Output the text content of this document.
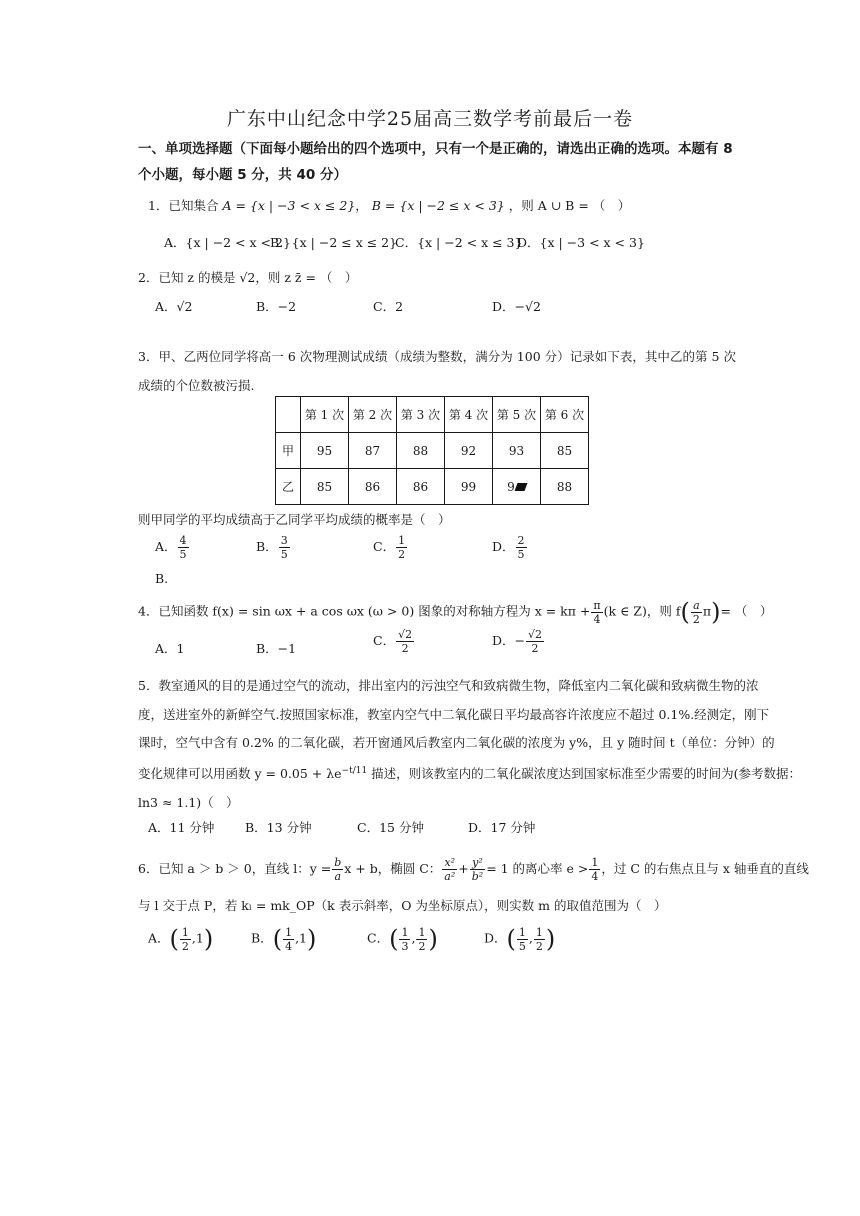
广东中山纪念中学25届高三数学考前最后一卷
一、单项选择题（下面每小题给出的四个选项中，只有一个是正确的，请选出正确的选项。本题有 8 个小题，每小题 5 分，共 40 分）
1．已知集合 A = {x | −3 < x ≤ 2}， B = {x | −2 ≤ x < 3} ，则 A ∪ B = （　）
A．{x | −2 < x < 2}
B．{x | −2 ≤ x ≤ 2}
C．{x | −2 < x ≤ 3}
D．{x | −3 < x < 3}
2．已知 z 的模是 √2，则 z z̄ = （　）
A．√2	B．−2	C．2	D．−√2
3．甲、乙两位同学将高一 6 次物理测试成绩（成绩为整数，满分为 100 分）记录如下表，其中乙的第 5 次成绩的个位数被污损.
	第 1 次	第 2 次	第 3 次	第 4 次	第 5 次	第 6 次
甲	95	87	88	92	93	85
乙	85	86	86	99	9	88
则甲同学的平均成绩高于乙同学平均成绩的概率是（　）
A． $\frac{4}{5}$	B． $\frac{3}{5}$	C． $\frac{1}{2}$	D． $\frac{2}{5}$
B.
4．已知函数 f(x) = sin ωx + a cos ωx (ω > 0) 图象的对称轴方程为 $x = k\pi + \frac{\pi}{4} (k$ ∈ Z)，则 $f( \frac{a}{2} \pi)=$ （　）
A．1	B．−1
C． $\frac{√2}{2}$	D．− $\frac{√2}{2}$
5．教室通风的目的是通过空气的流动，排出室内的污浊空气和致病微生物，降低室内二氧化碳和致病微生物的浓
度，送进室外的新鲜空气.按照国家标准，教室内空气中二氧化碳日平均最高容许浓度应不超过 0.1%.经测定，刚下
课时，空气中含有 0.2% 的二氧化碳，若开窗通风后教室内二氧化碳的浓度为 y%，且 y 随时间 t（单位：分钟）的
变化规律可以用函数 $y = 0.05 + \lambda e^{-t/11}$ 描述，则该教室内的二氧化碳浓度达到国家标准至少需要的时间为(参考数据：
ln3 ≈ 1.1)（　）
A．11 分钟 B．13 分钟	C．15 分钟	D．17 分钟
6．已知 a ＞ b ＞ 0，直线 l：$y = \frac{b}{a}$ x + b，椭圆 C： $\frac{\text{x²}}{\text{a²}} + \frac{\text{y²}}{\text{b²}} = 1$ 的离心率 $e > \frac{1}{4}$ ，过 C 的右焦点且与 x 轴垂直的直线
与 l 交于点 P，若 kₗ = mk_OP（k 表示斜率，O 为坐标原点），则实数 m 的取值范围为（　）
A．( $\frac{1}{2} ,1$)	B．( $\frac{1}{4} ,1$)	C．( $\frac{1}{3}$ , $\frac{1}{2}$ )	D．( $\frac{1}{5}$ , $\frac{1}{2}$ )
